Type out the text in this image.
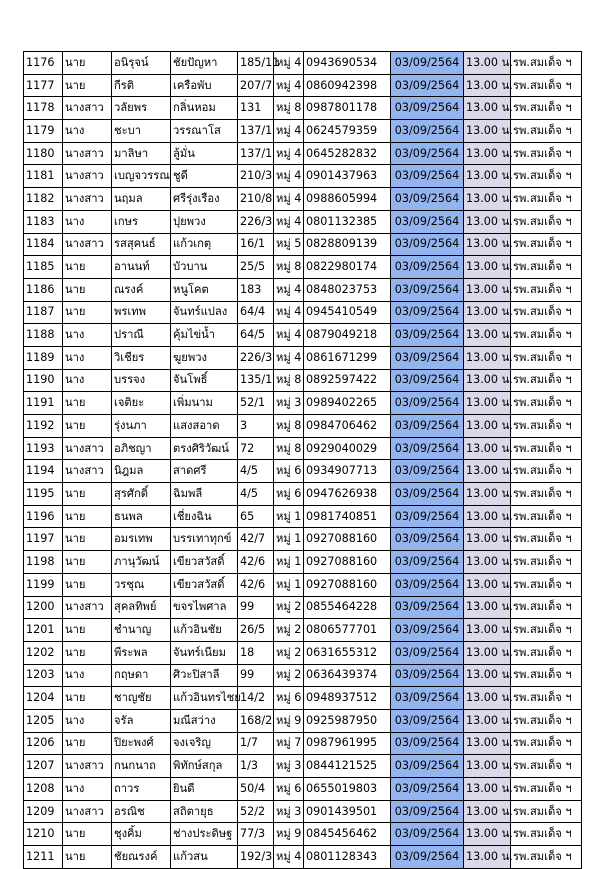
1176	นาย	อนิรุจน์	ชัยปัญหา	185/11	หมู่ 4	0943690534	03/09/2564	13.00 น.	รพ.สมเด็จ ฯ
1177	นาย	กีรติ	เครือพับ	207/7	หมู่ 4	0860942398	03/09/2564	13.00 น.	รพ.สมเด็จ ฯ
1178	นางสาว	วลัยพร	กลิ่นหอม	131	หมู่ 8	0987801178	03/09/2564	13.00 น.	รพ.สมเด็จ ฯ
1179	นาง	ชะบา	วรรณาโส	137/1	หมู่ 4	0624579359	03/09/2564	13.00 น.	รพ.สมเด็จ ฯ
1180	นางสาว	มาลิษา	ลู้มั่น	137/1	หมู่ 4	0645282832	03/09/2564	13.00 น.	รพ.สมเด็จ ฯ
1181	นางสาว	เบญจวรรณ	ชูดี	210/3	หมู่ 4	0901437963	03/09/2564	13.00 น.	รพ.สมเด็จ ฯ
1182	นางสาว	นฤมล	ศรีรุ่งเรือง	210/8	หมู่ 4	0988605994	03/09/2564	13.00 น.	รพ.สมเด็จ ฯ
1183	นาง	เกษร	ปุยพวง	226/3	หมู่ 4	0801132385	03/09/2564	13.00 น.	รพ.สมเด็จ ฯ
1184	นางสาว	รสสุคนธ์	แก้วเกตุ	16/1	หมู่ 5	0828809139	03/09/2564	13.00 น.	รพ.สมเด็จ ฯ
1185	นาย	อานนท์	บัวบาน	25/5	หมู่ 8	0822980174	03/09/2564	13.00 น.	รพ.สมเด็จ ฯ
1186	นาย	ณรงค์	หนูโคต	183	หมู่ 4	0848023753	03/09/2564	13.00 น.	รพ.สมเด็จ ฯ
1187	นาย	พรเทพ	จันทร์แปลง	64/4	หมู่ 4	0945410549	03/09/2564	13.00 น.	รพ.สมเด็จ ฯ
1188	นาง	ปราณี	คุ้มไข่น้ำ	64/5	หมู่ 4	0879049218	03/09/2564	13.00 น.	รพ.สมเด็จ ฯ
1189	นาง	วิเชียร	ฆูยพวง	226/3	หมู่ 4	0861671299	03/09/2564	13.00 น.	รพ.สมเด็จ ฯ
1190	นาง	บรรจง	จันโพธิ์	135/1	หมู่ 8	0892597422	03/09/2564	13.00 น.	รพ.สมเด็จ ฯ
1191	นาย	เจติยะ	เพิ่มนาม	52/1	หมู่ 3	0989402265	03/09/2564	13.00 น.	รพ.สมเด็จ ฯ
1192	นาย	รุ่งนภา	แสงสอาด	3	หมู่ 8	0984706462	03/09/2564	13.00 น.	รพ.สมเด็จ ฯ
1193	นางสาว	อภิชญา	ตรงศิริวัฒน์	72	หมู่ 8	0929040029	03/09/2564	13.00 น.	รพ.สมเด็จ ฯ
1194	นางสาว	นิฎมล	สาดศรี	4/5	หมู่ 6	0934907713	03/09/2564	13.00 น.	รพ.สมเด็จ ฯ
1195	นาย	สุรศักดิ์	ฉิมพลี	4/5	หมู่ 6	0947626938	03/09/2564	13.00 น.	รพ.สมเด็จ ฯ
1196	นาย	ธนพล	เชี่ยงฉิน	65	หมู่ 1	0981740851	03/09/2564	13.00 น.	รพ.สมเด็จ ฯ
1197	นาย	อมรเทพ	บรรเทาทุกข์	42/7	หมู่ 1	0927088160	03/09/2564	13.00 น.	รพ.สมเด็จ ฯ
1198	นาย	ภานุวัฒน์	เขียวสวัสดิ์	42/6	หมู่ 1	0927088160	03/09/2564	13.00 น.	รพ.สมเด็จ ฯ
1199	นาย	วรชุณ	เขียวสวัสดิ์	42/6	หมู่ 1	0927088160	03/09/2564	13.00 น.	รพ.สมเด็จ ฯ
1200	นางสาว	สุคลทิพย์	ขจรไพศาล	99	หมู่ 2	0855464228	03/09/2564	13.00 น.	รพ.สมเด็จ ฯ
1201	นาย	ชำนาญ	แก้วอินชัย	26/5	หมู่ 2	0806577701	03/09/2564	13.00 น.	รพ.สมเด็จ ฯ
1202	นาย	พีระพล	จันทร์เนียม	18	หมู่ 2	0631655312	03/09/2564	13.00 น.	รพ.สมเด็จ ฯ
1203	นาง	กฤษดา	ศิวะปิสาลี	99	หมู่ 2	0636439374	03/09/2564	13.00 น.	รพ.สมเด็จ ฯ
1204	นาย	ชาญชัย	แก้วอินทรไชย	14/2	หมู่ 6	0948937512	03/09/2564	13.00 น.	รพ.สมเด็จ ฯ
1205	นาง	จรัล	มณีสว่าง	168/2	หมู่ 9	0925987950	03/09/2564	13.00 น.	รพ.สมเด็จ ฯ
1206	นาย	ปิยะพงศ์	จงเจริญ	1/7	หมู่ 7	0987961995	03/09/2564	13.00 น.	รพ.สมเด็จ ฯ
1207	นางสาว	กนกนาถ	พิทักษ์สกุล	1/3	หมู่ 3	0844121525	03/09/2564	13.00 น.	รพ.สมเด็จ ฯ
1208	นาง	ถาวร	ยินดี	50/4	หมู่ 6	0655019803	03/09/2564	13.00 น.	รพ.สมเด็จ ฯ
1209	นางสาว	อรณิช	สถิตายุธ	52/2	หมู่ 3	0901439501	03/09/2564	13.00 น.	รพ.สมเด็จ ฯ
1210	นาย	ชุงคิ้ม	ช่างประดิษฐ	77/3	หมู่ 9	0845456462	03/09/2564	13.00 น.	รพ.สมเด็จ ฯ
1211	นาย	ชัยณรงค์	แก้วสน	192/3	หมู่ 4	0801128343	03/09/2564	13.00 น.	รพ.สมเด็จ ฯ
